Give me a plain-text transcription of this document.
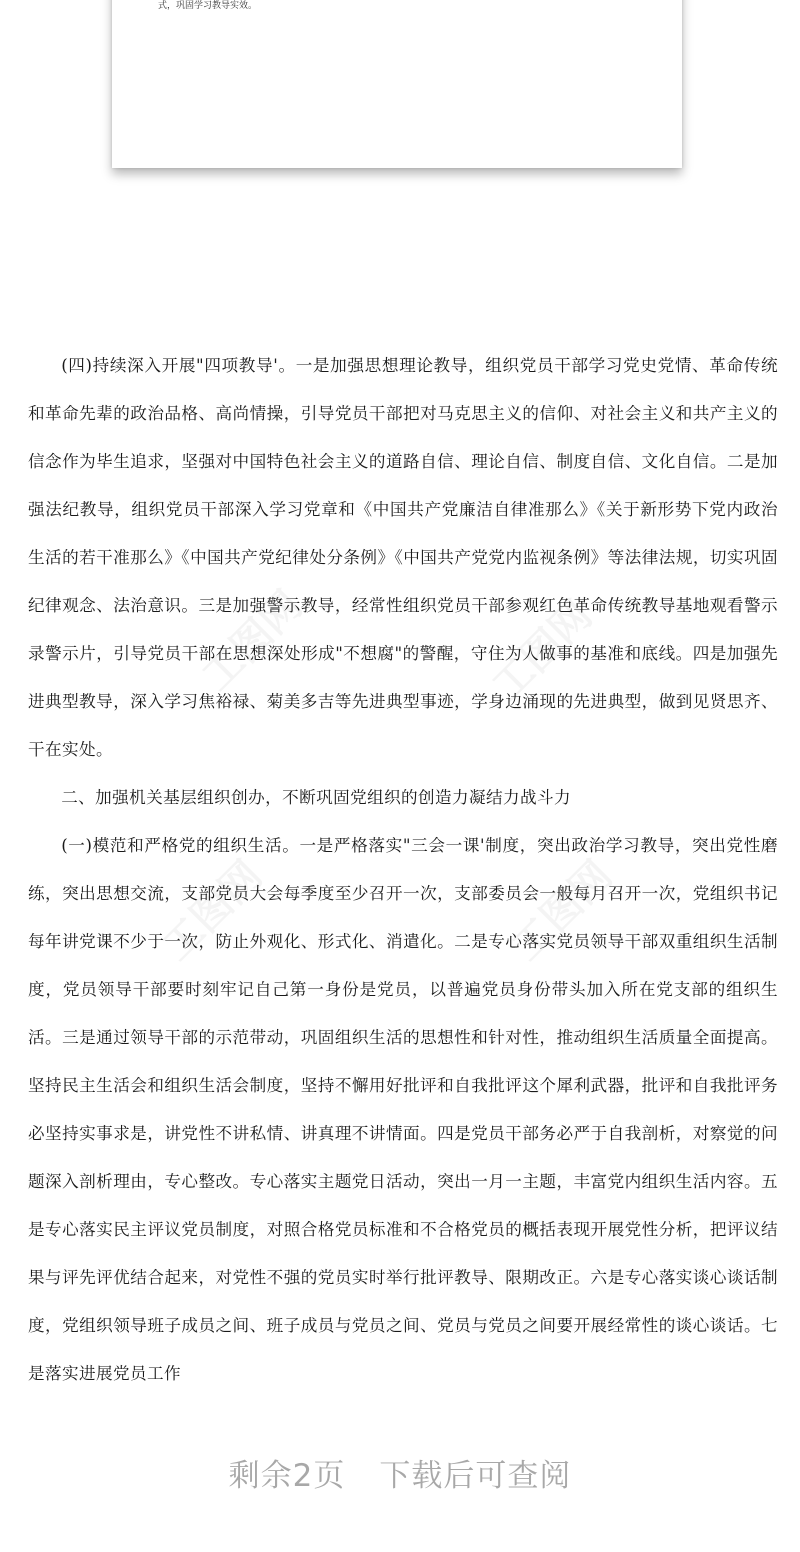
式，巩固学习教导实效。

(四)持续深入开展"四项教导'。一是加强思想理论教导，组织党员干部学习党史党情、革命传统和革命先辈的政治品格、高尚情操，引导党员干部把对马克思主义的信仰、对社会主义和共产主义的信念作为毕生追求，坚强对中国特色社会主义的道路自信、理论自信、制度自信、文化自信。二是加强法纪教导，组织党员干部深入学习党章和《中国共产党廉洁自律准那么》《关于新形势下党内政治生活的若干准那么》《中国共产党纪律处分条例》《中国共产党党内监视条例》等法律法规，切实巩固纪律观念、法治意识。三是加强警示教导，经常性组织党员干部参观红色革命传统教导基地观看警示录警示片，引导党员干部在思想深处形成"不想腐"的警醒，守住为人做事的基准和底线。四是加强先进典型教导，深入学习焦裕禄、菊美多吉等先进典型事迹，学身边涌现的先进典型，做到见贤思齐、干在实处。

二、加强机关基层组织创办，不断巩固党组织的创造力凝结力战斗力

(一)模范和严格党的组织生活。一是严格落实"三会一课'制度，突出政治学习教导，突出党性磨练，突出思想交流，支部党员大会每季度至少召开一次，支部委员会一般每月召开一次，党组织书记每年讲党课不少于一次，防止外观化、形式化、消遣化。二是专心落实党员领导干部双重组织生活制度，党员领导干部要时刻牢记自己第一身份是党员，以普遍党员身份带头加入所在党支部的组织生活。三是通过领导干部的示范带动，巩固组织生活的思想性和针对性，推动组织生活质量全面提高。坚持民主生活会和组织生活会制度，坚持不懈用好批评和自我批评这个犀利武器，批评和自我批评务必坚持实事求是，讲党性不讲私情、讲真理不讲情面。四是党员干部务必严于自我剖析，对察觉的问题深入剖析理由，专心整改。专心落实主题党日活动，突出一月一主题，丰富党内组织生活内容。五是专心落实民主评议党员制度，对照合格党员标准和不合格党员的概括表现开展党性分析，把评议结果与评先评优结合起来，对党性不强的党员实时举行批评教导、限期改正。六是专心落实谈心谈话制度，党组织领导班子成员之间、班子成员与党员之间、党员与党员之间要开展经常性的谈心谈话。七是落实进展党员工作

剩余2页 下载后可查阅
